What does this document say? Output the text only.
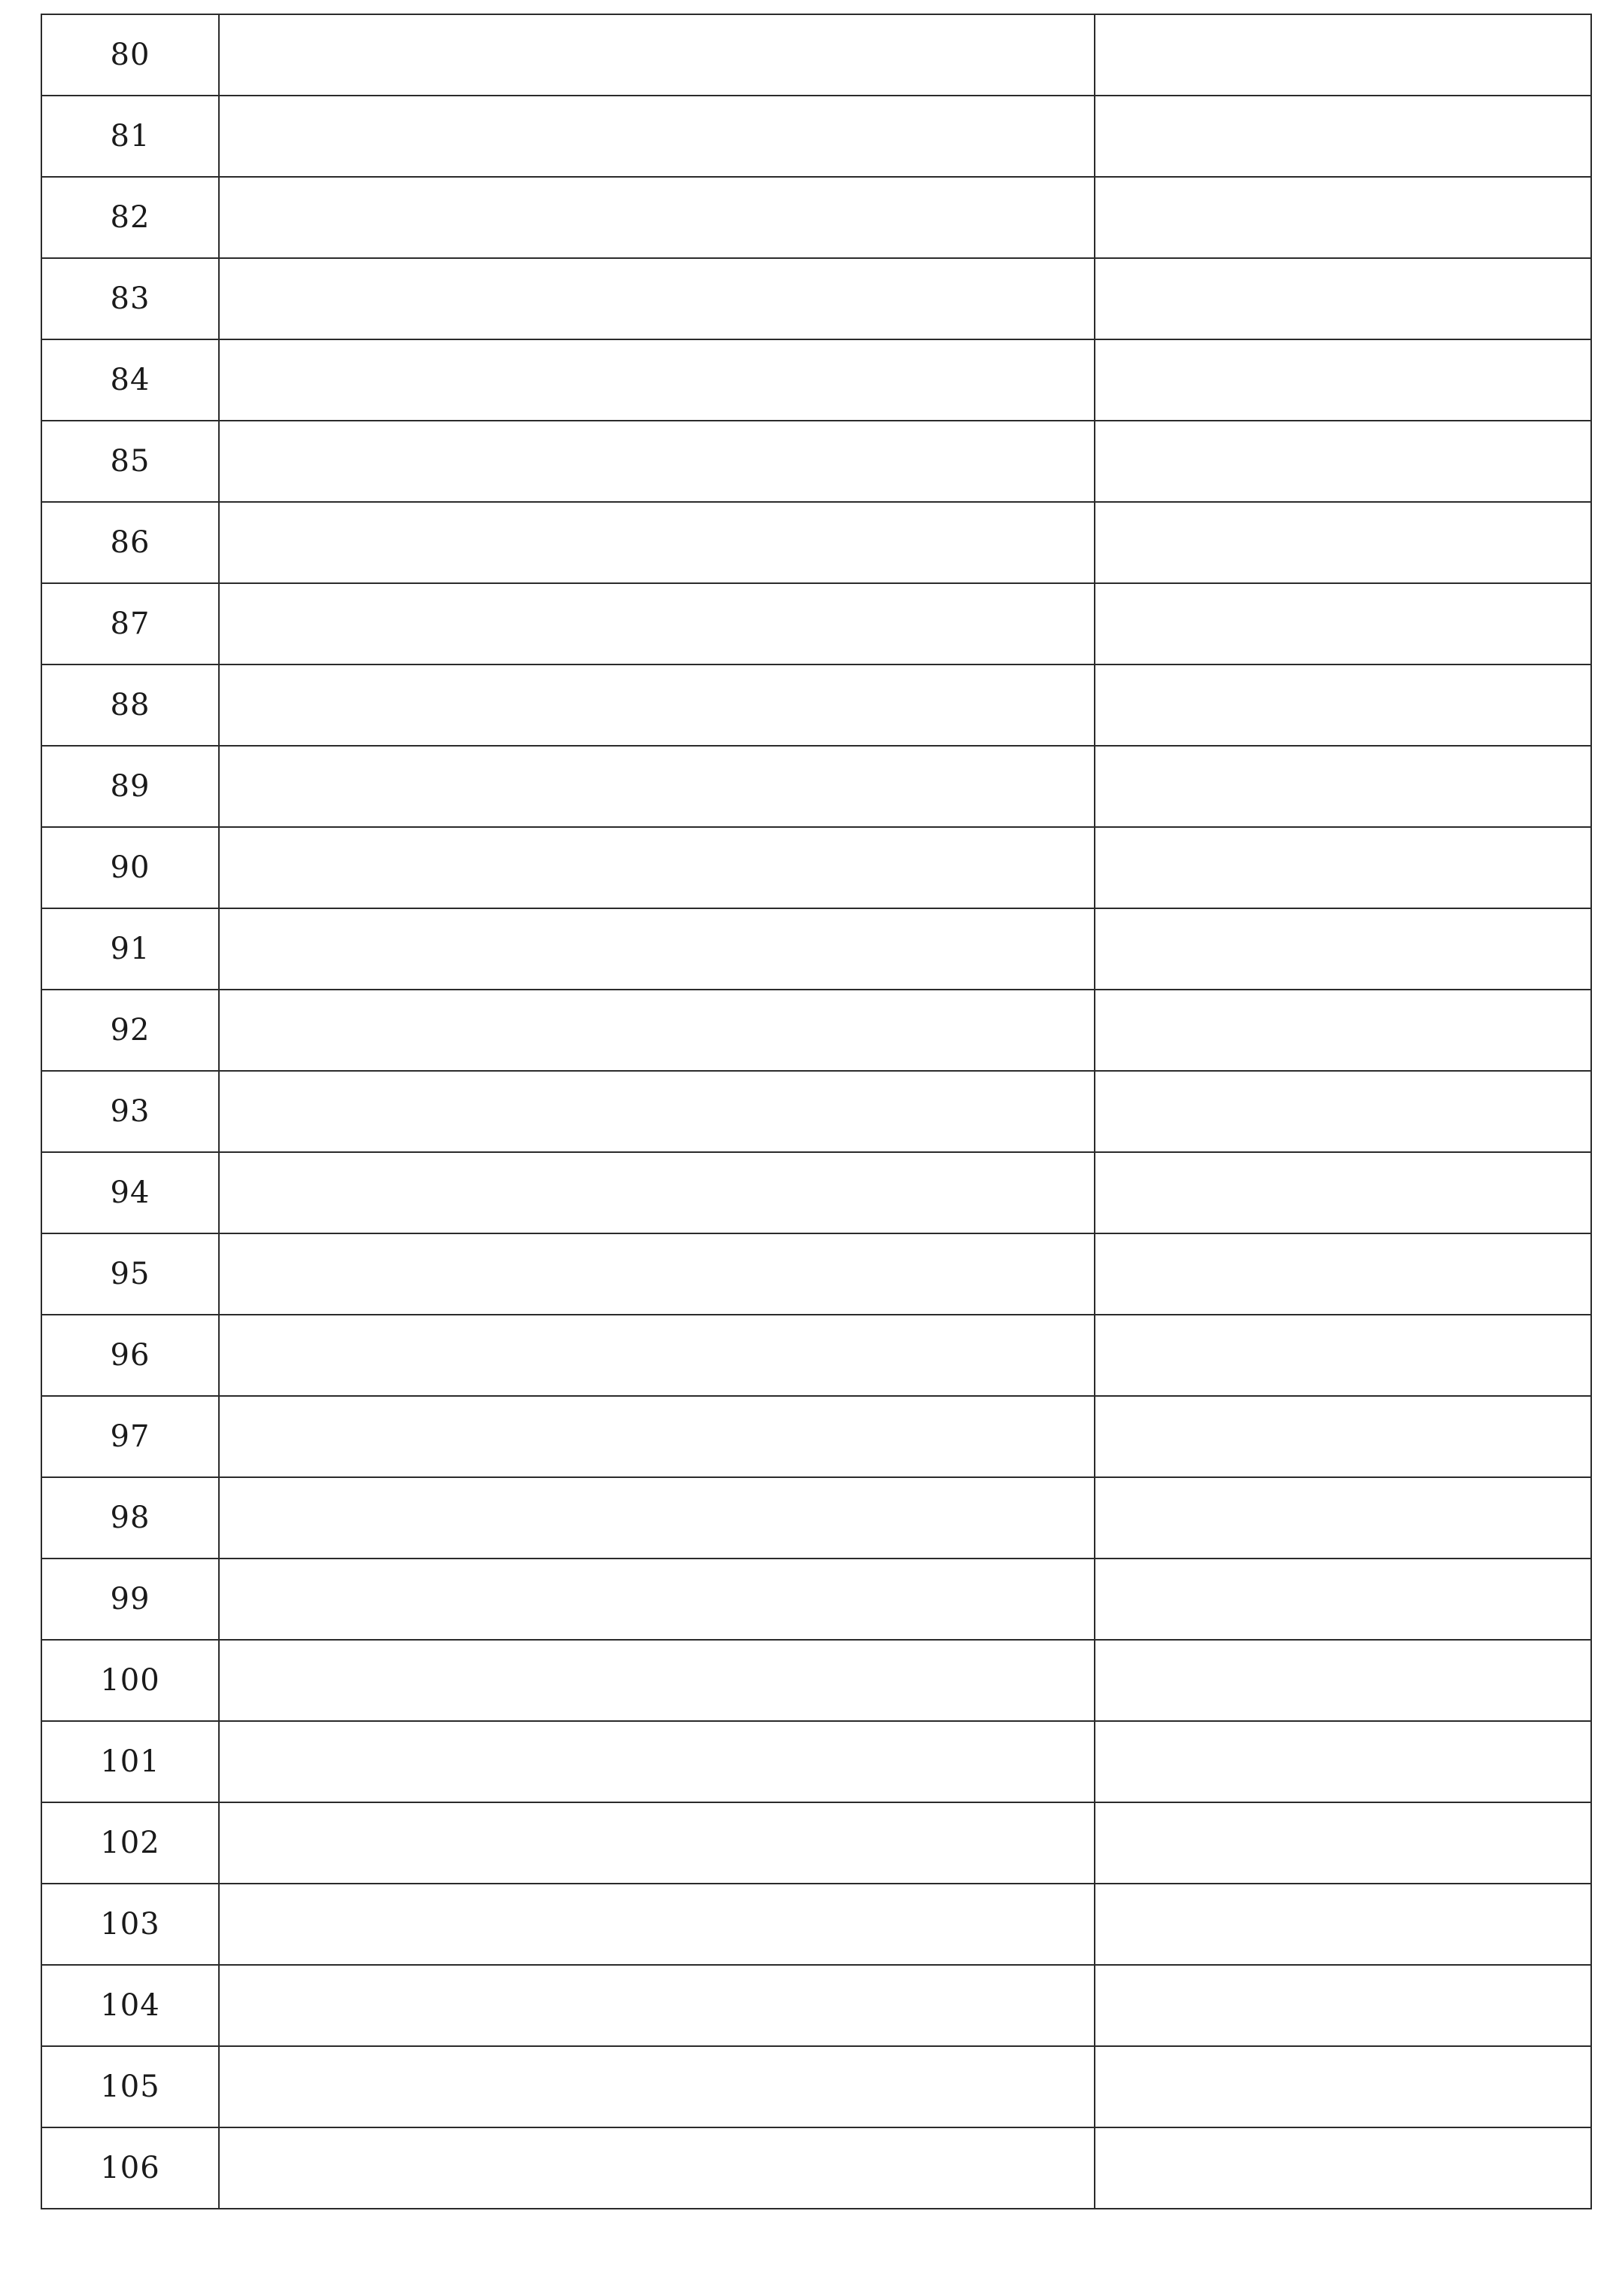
80		
81		
82		
83		
84		
85		
86		
87		
88		
89		
90		
91		
92		
93		
94		
95		
96		
97		
98		
99		
100		
101		
102		
103		
104		
105		
106		
